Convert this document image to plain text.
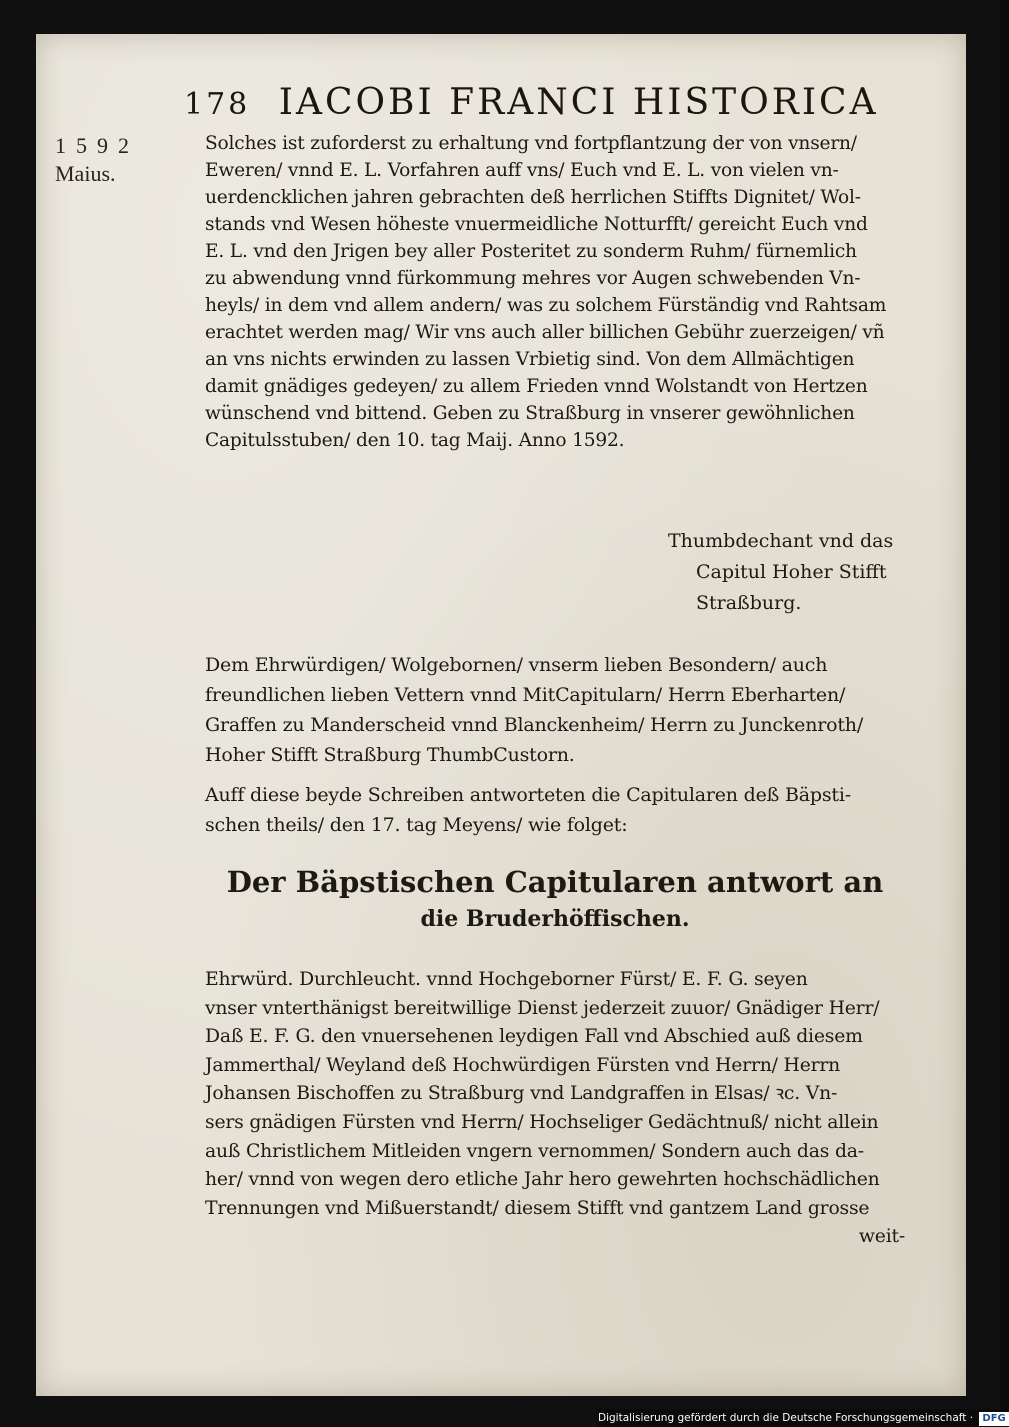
178 IACOBI FRANCI HISTORICA
1592
Maius.
Solches ist zuforderst zu erhaltung vnd fortpflantzung der von vnsern/
Eweren/ vnnd E. L. Vorfahren auff vns/ Euch vnd E. L. von vielen vn-
uerdencklichen jahren gebrachten deß herrlichen Stiffts Dignitet/ Wol-
stands vnd Wesen höheste vnuermeidliche Notturfft/ gereicht Euch vnd
E. L. vnd den Jrigen bey aller Posteritet zu sonderm Ruhm/ fürnemlich
zu abwendung vnnd fürkommung mehres vor Augen schwebenden Vn-
heyls/ in dem vnd allem andern/ was zu solchem Fürständig vnd Rahtsam
erachtet werden mag/ Wir vns auch aller billichen Gebühr zuerzeigen/ vñ
an vns nichts erwinden zu lassen Vrbietig sind. Von dem Allmächtigen
damit gnädiges gedeyen/ zu allem Frieden vnnd Wolstandt von Hertzen
wünschend vnd bittend. Geben zu Straßburg in vnserer gewöhnlichen
Capitulsstuben/ den 10. tag Maij. Anno 1592.
Thumbdechant vnd das
Capitul Hoher Stifft
Straßburg.
Dem Ehrwürdigen/ Wolgebornen/ vnserm lieben Besondern/ auch
freundlichen lieben Vettern vnnd MitCapitularn/ Herrn Eberharten/
Graffen zu Manderscheid vnnd Blanckenheim/ Herrn zu Junckenroth/
Hoher Stifft Straßburg ThumbCustorn.
Auff diese beyde Schreiben antworteten die Capitularen deß Bäpsti-
schen theils/ den 17. tag Meyens/ wie folget:
Der Bäpstischen Capitularen antwort an
die Bruderhöffischen.
Ehrwürd. Durchleucht. vnnd Hochgeborner Fürst/ E. F. G. seyen
vnser vnterthänigst bereitwillige Dienst jederzeit zuuor/ Gnädiger Herr/
Daß E. F. G. den vnuersehenen leydigen Fall vnd Abschied auß diesem
Jammerthal/ Weyland deß Hochwürdigen Fürsten vnd Herrn/ Herrn
Johansen Bischoffen zu Straßburg vnd Landgraffen in Elsas/ ꝛc. Vn-
sers gnädigen Fürsten vnd Herrn/ Hochseliger Gedächtnuß/ nicht allein
auß Christlichem Mitleiden vngern vernommen/ Sondern auch das da-
her/ vnnd von wegen dero etliche Jahr hero gewehrten hochschädlichen
Trennungen vnd Mißuerstandt/ diesem Stifft vnd gantzem Land grosse
weit-
Digitalisierung gefördert durch die Deutsche Forschungsgemeinschaft · DFG
